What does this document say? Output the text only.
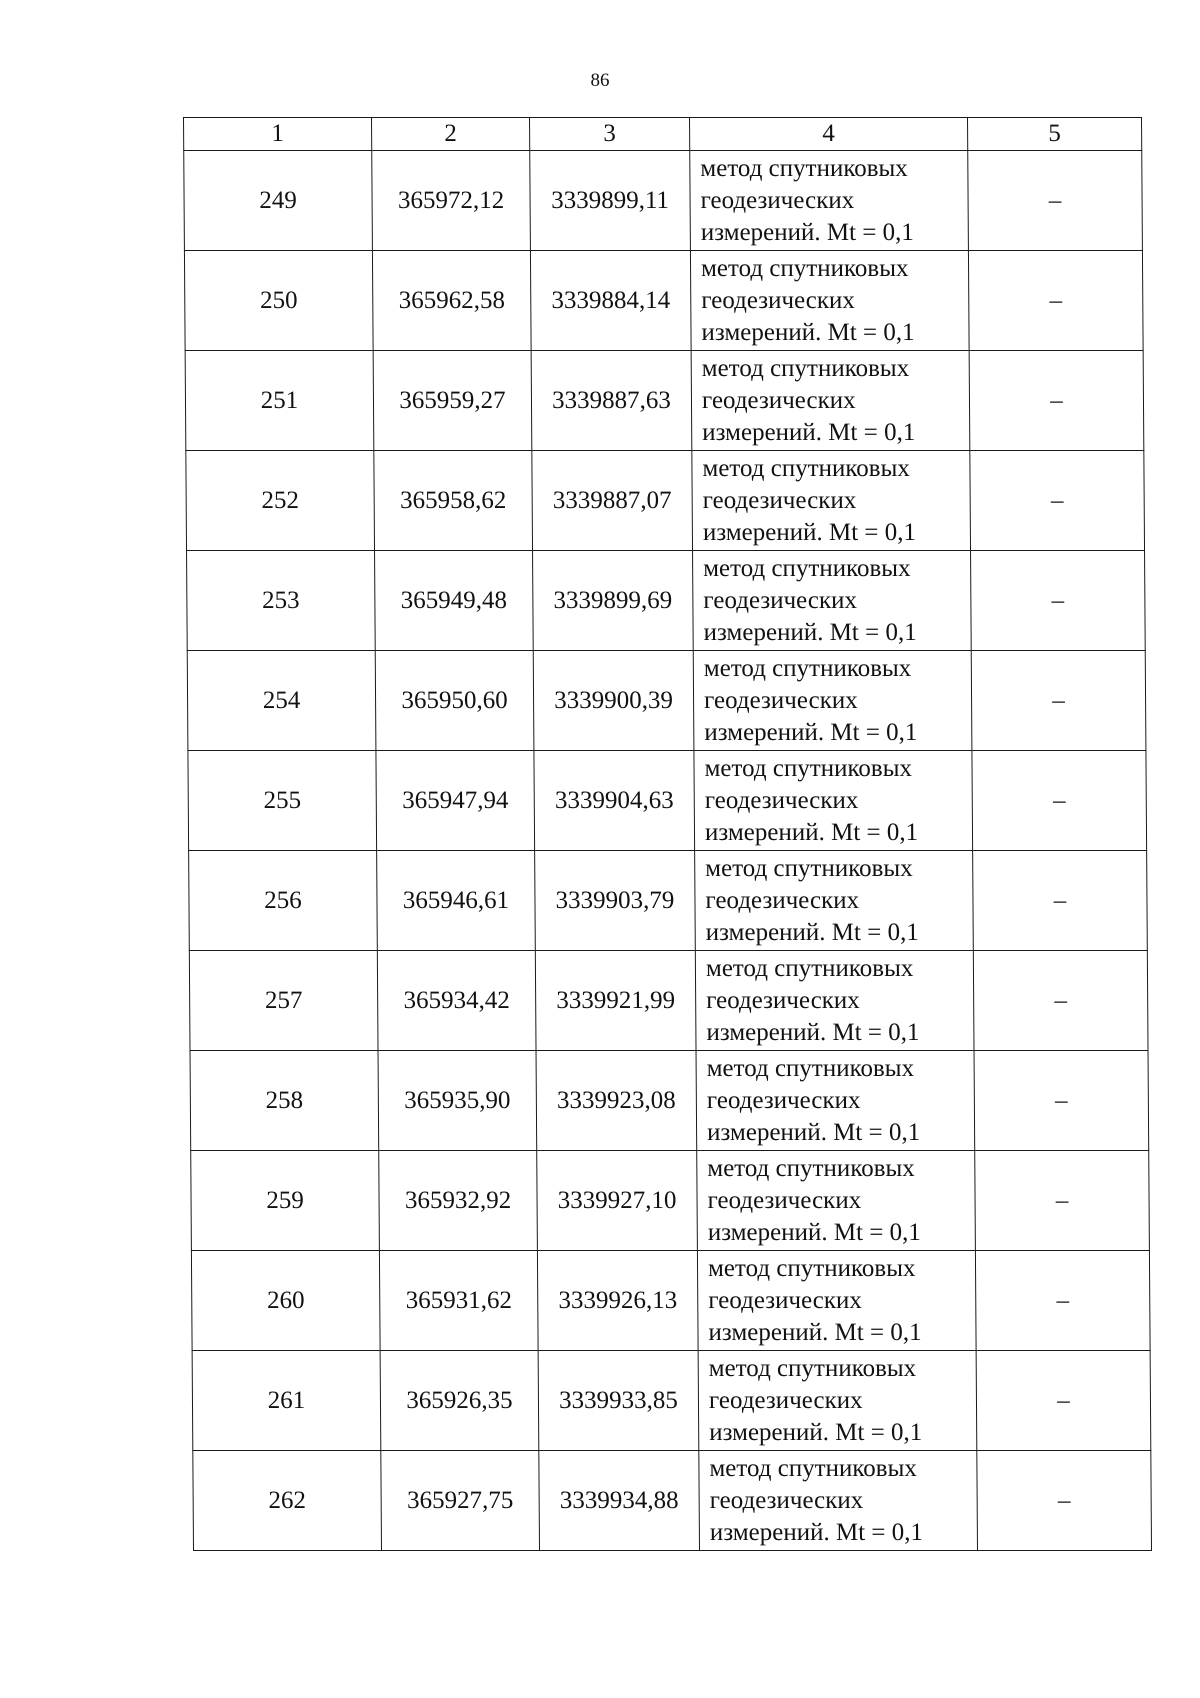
86
1	2	3	4	5
249	365972,12	3339899,11	метод спутниковых
геодезических
измерений. Mt = 0,1	–
250	365962,58	3339884,14	метод спутниковых
геодезических
измерений. Mt = 0,1	–
251	365959,27	3339887,63	метод спутниковых
геодезических
измерений. Mt = 0,1	–
252	365958,62	3339887,07	метод спутниковых
геодезических
измерений. Mt = 0,1	–
253	365949,48	3339899,69	метод спутниковых
геодезических
измерений. Mt = 0,1	–
254	365950,60	3339900,39	метод спутниковых
геодезических
измерений. Mt = 0,1	–
255	365947,94	3339904,63	метод спутниковых
геодезических
измерений. Mt = 0,1	–
256	365946,61	3339903,79	метод спутниковых
геодезических
измерений. Mt = 0,1	–
257	365934,42	3339921,99	метод спутниковых
геодезических
измерений. Mt = 0,1	–
258	365935,90	3339923,08	метод спутниковых
геодезических
измерений. Mt = 0,1	–
259	365932,92	3339927,10	метод спутниковых
геодезических
измерений. Mt = 0,1	–
260	365931,62	3339926,13	метод спутниковых
геодезических
измерений. Mt = 0,1	–
261	365926,35	3339933,85	метод спутниковых
геодезических
измерений. Mt = 0,1	–
262	365927,75	3339934,88	метод спутниковых
геодезических
измерений. Mt = 0,1	–
